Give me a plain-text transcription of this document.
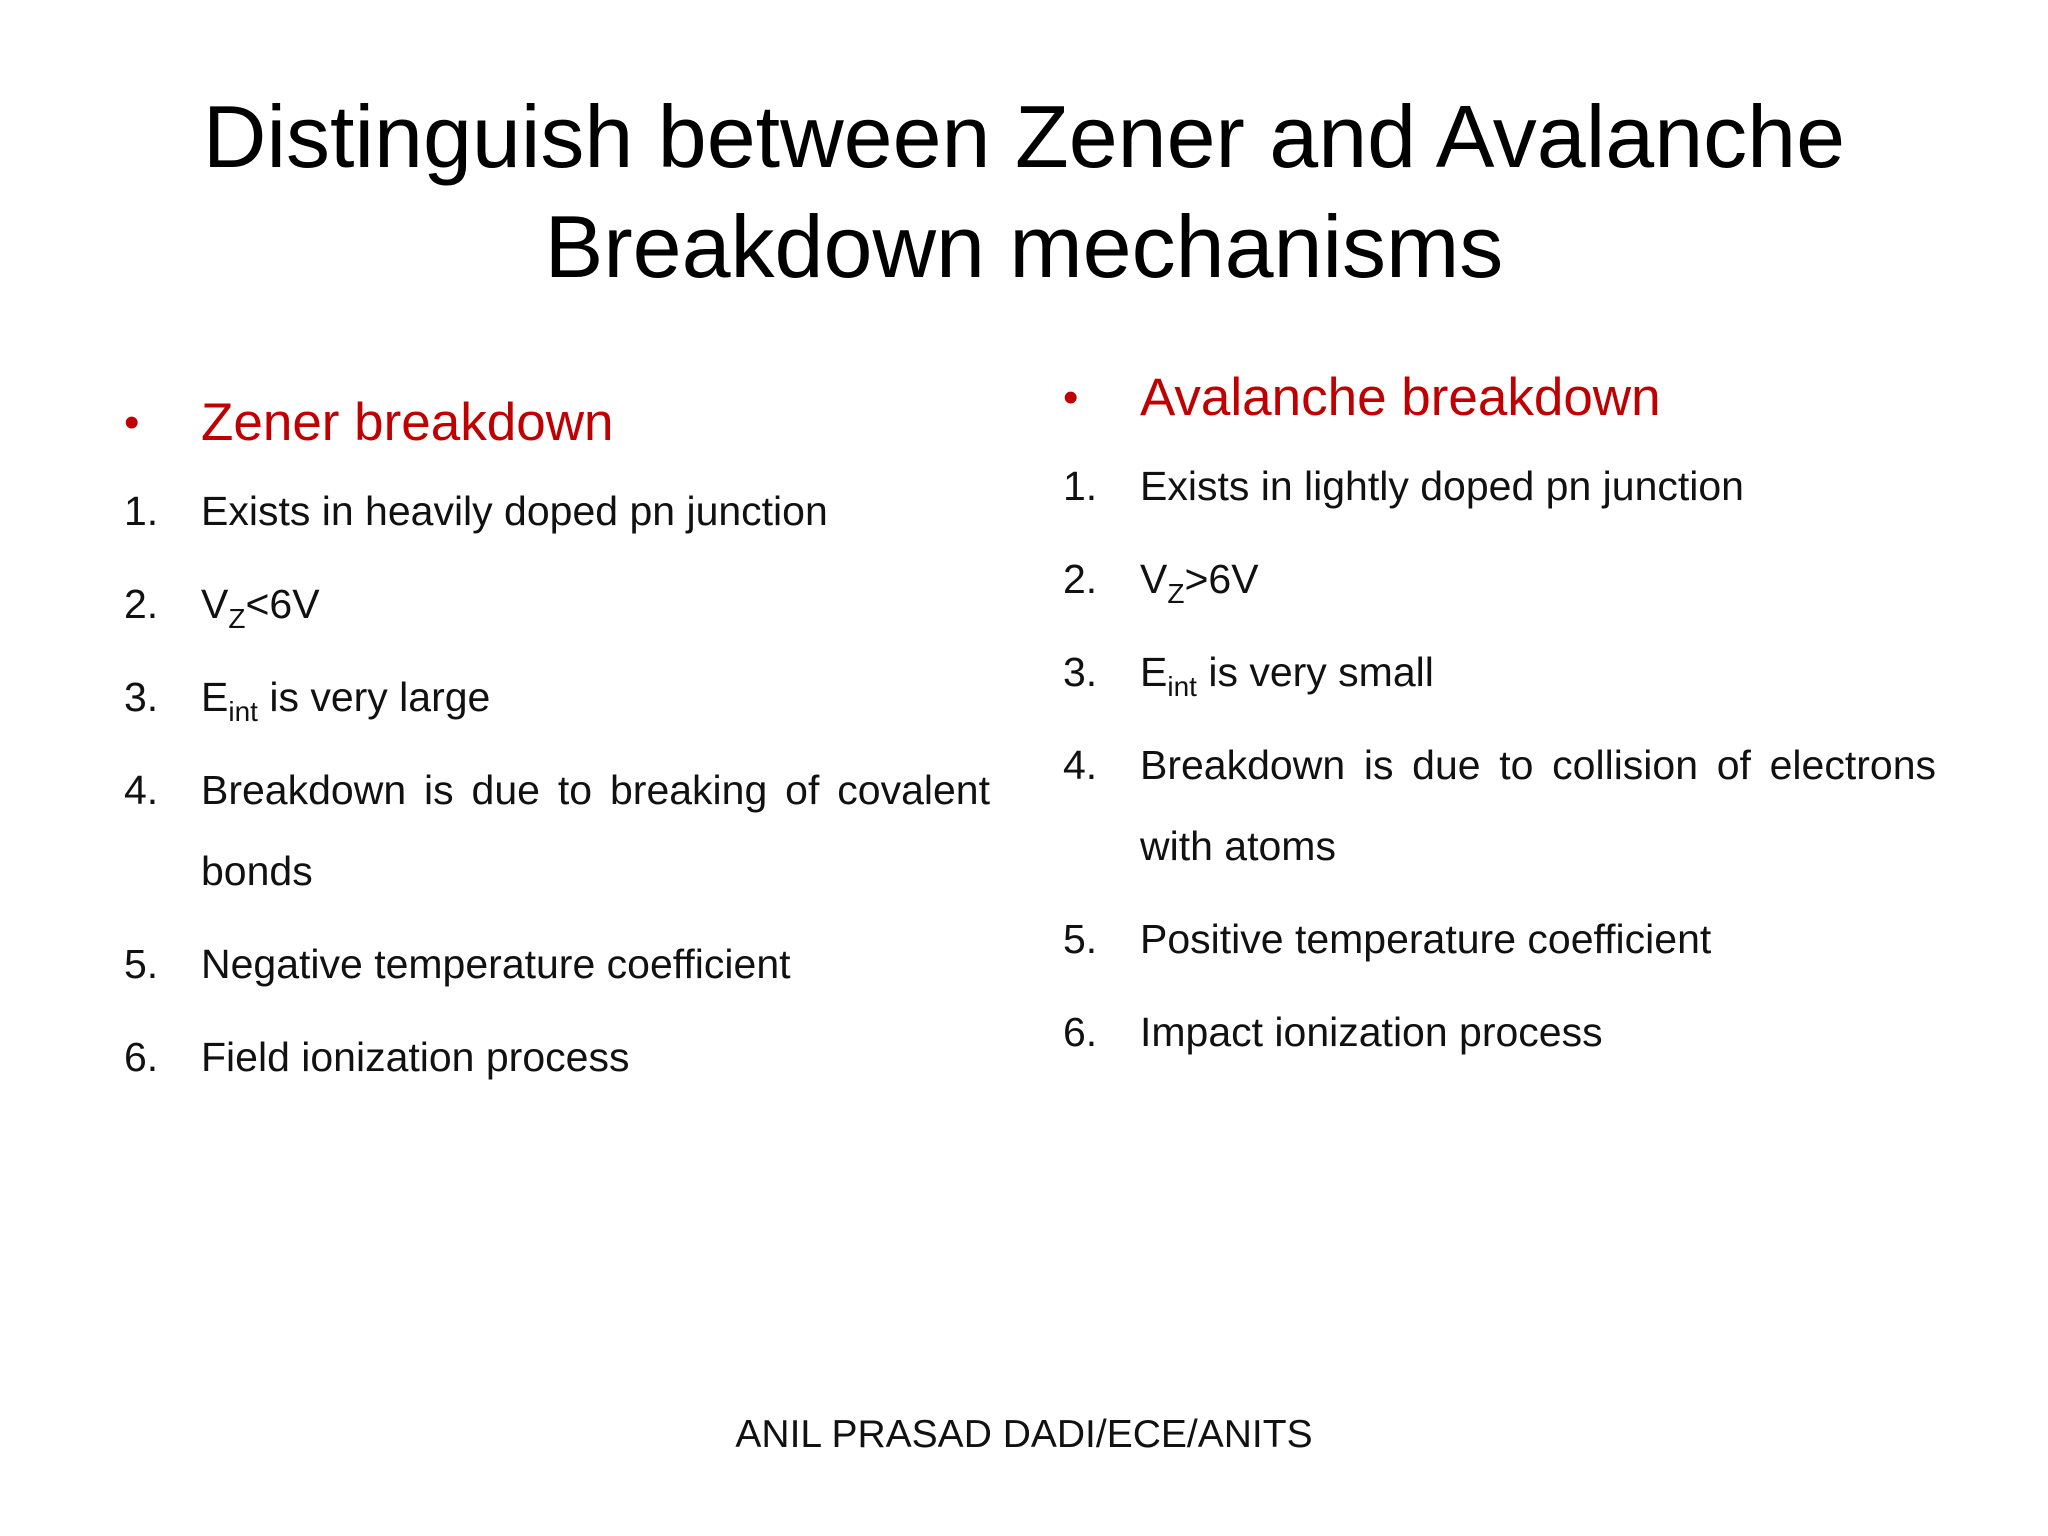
Distinguish between Zener and Avalanche
Breakdown mechanisms
• Zener breakdown
1. Exists in heavily doped pn junction
2. $V_Z<6V$
3. $E_{int}$ is very large
4. Breakdown is due to breaking of covalent bonds
5. Negative temperature coefficient
6. Field ionization process
• Avalanche breakdown
1. Exists in lightly doped pn junction
2. $V_Z>6V$
3. $E_{int}$ is very small
4. Breakdown is due to collision of electrons with atoms
5. Positive temperature coefficient
6. Impact ionization process
ANIL PRASAD DADI/ECE/ANITS
